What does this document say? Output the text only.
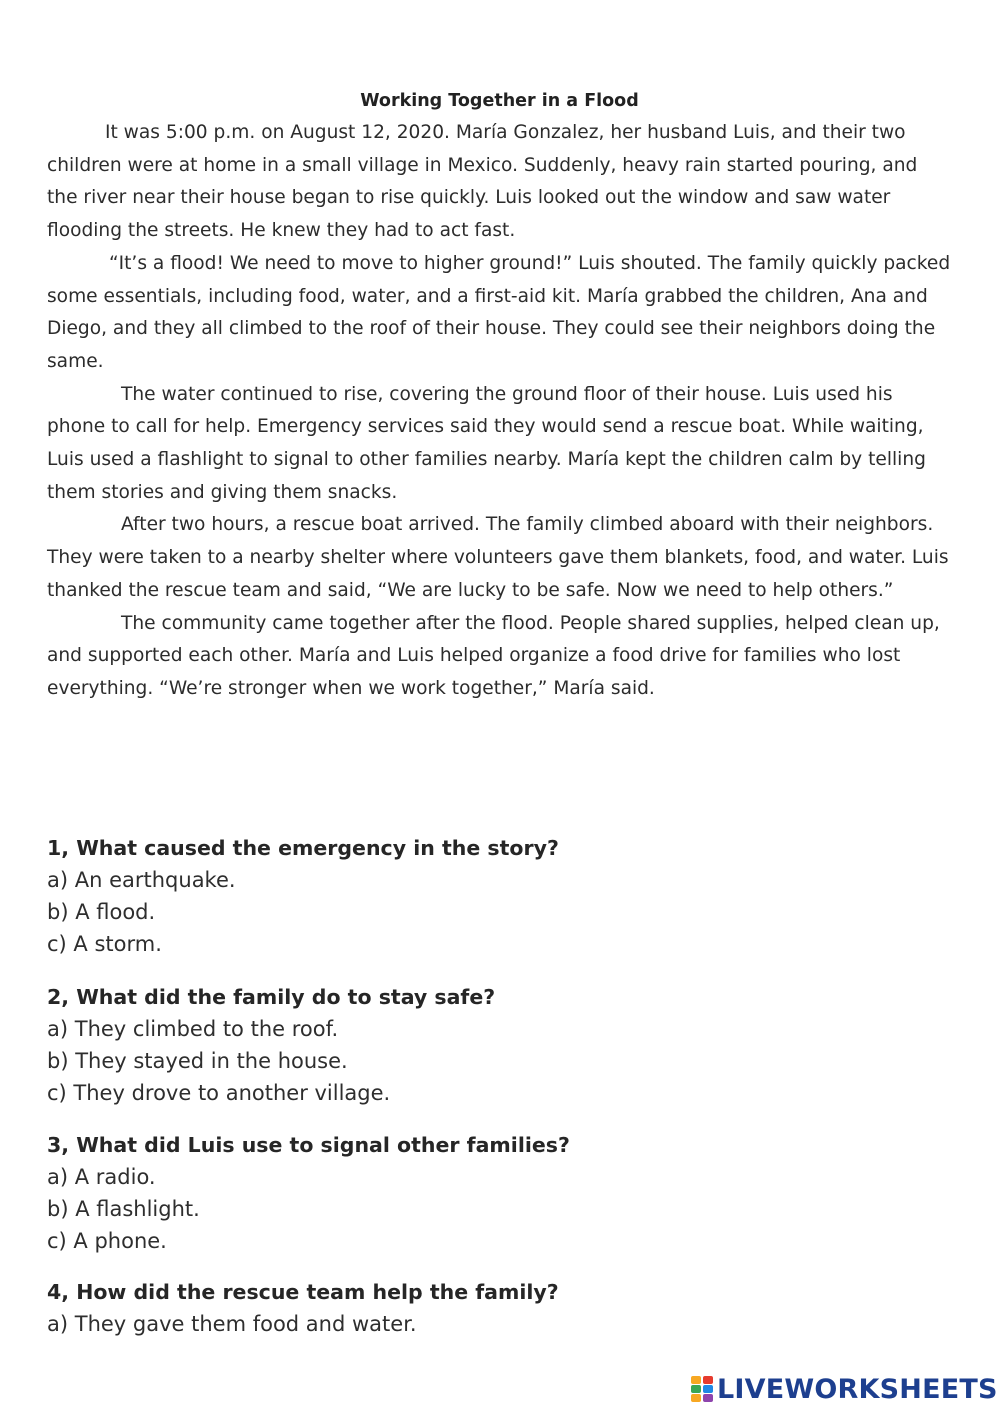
Working Together in a Flood

It was 5:00 p.m. on August 12, 2020. María Gonzalez, her husband Luis, and their two children were at home in a small village in Mexico. Suddenly, heavy rain started pouring, and the river near their house began to rise quickly. Luis looked out the window and saw water flooding the streets. He knew they had to act fast.

“It’s a flood! We need to move to higher ground!” Luis shouted. The family quickly packed some essentials, including food, water, and a first-aid kit. María grabbed the children, Ana and Diego, and they all climbed to the roof of their house. They could see their neighbors doing the same.

The water continued to rise, covering the ground floor of their house. Luis used his phone to call for help. Emergency services said they would send a rescue boat. While waiting, Luis used a flashlight to signal to other families nearby. María kept the children calm by telling them stories and giving them snacks.

After two hours, a rescue boat arrived. The family climbed aboard with their neighbors. They were taken to a nearby shelter where volunteers gave them blankets, food, and water. Luis thanked the rescue team and said, “We are lucky to be safe. Now we need to help others.”

The community came together after the flood. People shared supplies, helped clean up, and supported each other. María and Luis helped organize a food drive for families who lost everything. “We’re stronger when we work together,” María said.

1, What caused the emergency in the story?

a) An earthquake.

b) A flood.

c) A storm.

2, What did the family do to stay safe?

a) They climbed to the roof.

b) They stayed in the house.

c) They drove to another village.

3, What did Luis use to signal other families?

a) A radio.

b) A flashlight.

c) A phone.

4, How did the rescue team help the family?

a) They gave them food and water.

LIVEWORKSHEETS
